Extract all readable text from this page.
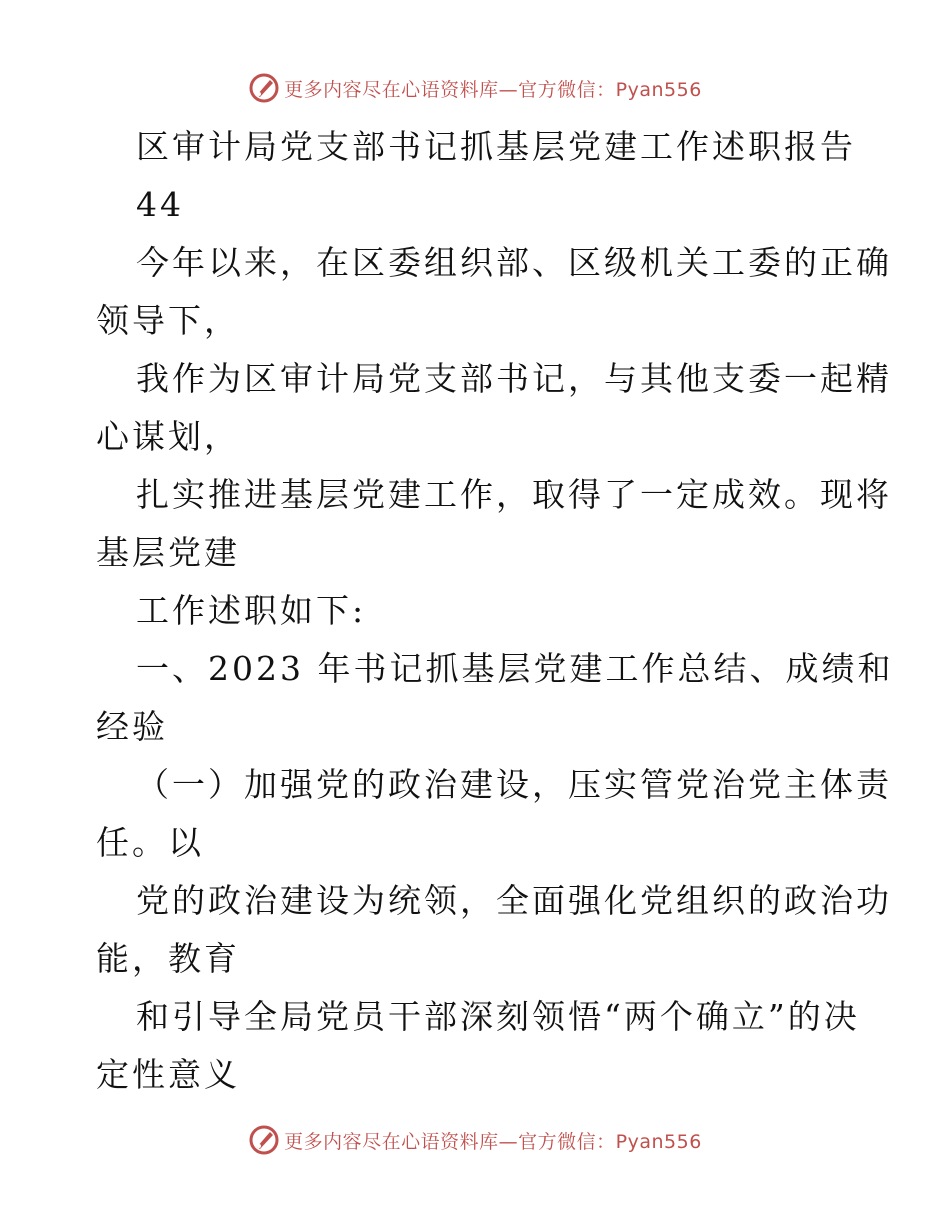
更多内容尽在心语资料库—官方微信：Pyan556
区审计局党支部书记抓基层党建工作述职报告
44
今年以来，在区委组织部、区级机关工委的正确
领导下，
我作为区审计局党支部书记，与其他支委一起精
心谋划，
扎实推进基层党建工作，取得了一定成效。现将
基层党建
工作述职如下:
一、2023 年书记抓基层党建工作总结、成绩和
经验
（一）加强党的政治建设，压实管党治党主体责
任。以
党的政治建设为统领，全面强化党组织的政治功
能，教育
和引导全局党员干部深刻领悟“两个确立”的决
定性意义
更多内容尽在心语资料库—官方微信：Pyan556
